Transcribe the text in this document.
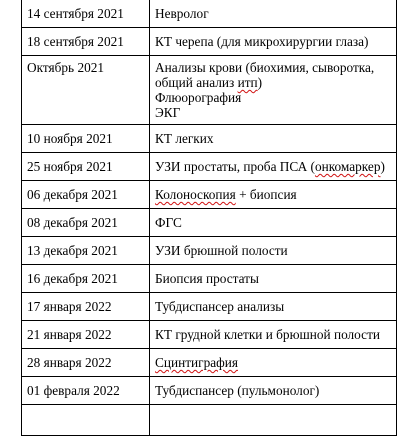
14 сентября 2021	Невролог
18 сентября 2021	КТ черепа (для микрохирургии глаза)
Октябрь 2021	Анализы крови (биохимия, сыворотка,
общий анализ итп)
Флюорография
ЭКГ

10 ноября 2021	КТ легких
25 ноября 2021	УЗИ простаты, проба ПСА (онкомаркер)
06 декабря 2021	Колоноскопия + биопсия
08 декабря 2021	ФГС
13 декабря 2021	УЗИ брюшной полости
16 декабря 2021	Биопсия простаты
17 января 2022	Тубдиспансер анализы
21 января 2022	КТ грудной клетки и брюшной полости
28 января 2022	Сцинтиграфия
01 февраля 2022	Тубдиспансер (пульмонолог)
